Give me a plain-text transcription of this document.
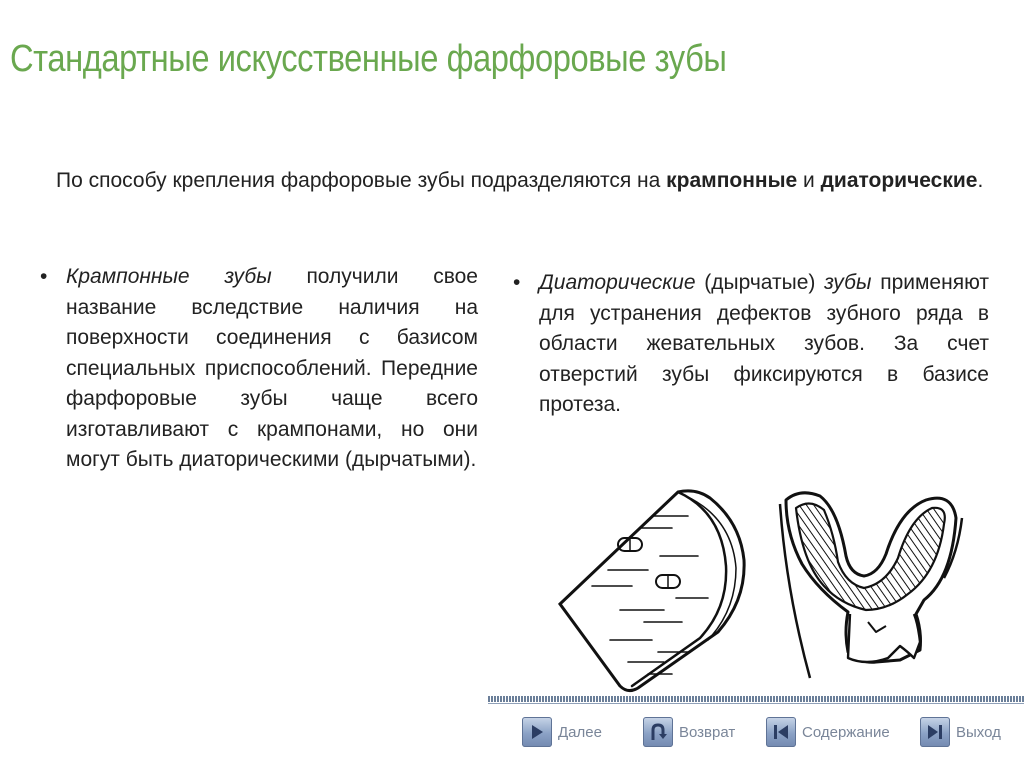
Стандартные искусственные фарфоровые зубы
По способу крепления фарфоровые зубы подразделяются на крампонные и диаторические.
• Крампонные зубы получили свое название вследствие наличия на поверхности соединения с базисом специальных приспособлений. Передние фарфоровые зубы чаще всего изготавливают с крампонами, но они могут быть диаторическими (дырчатыми).
• Диаторические (дырчатые) зубы применяют для устранения дефектов зубного ряда в области жевательных зубов. За счет отверстий зубы фиксируются в базисе протеза.
Далее	Возврат	Содержание	Выход
